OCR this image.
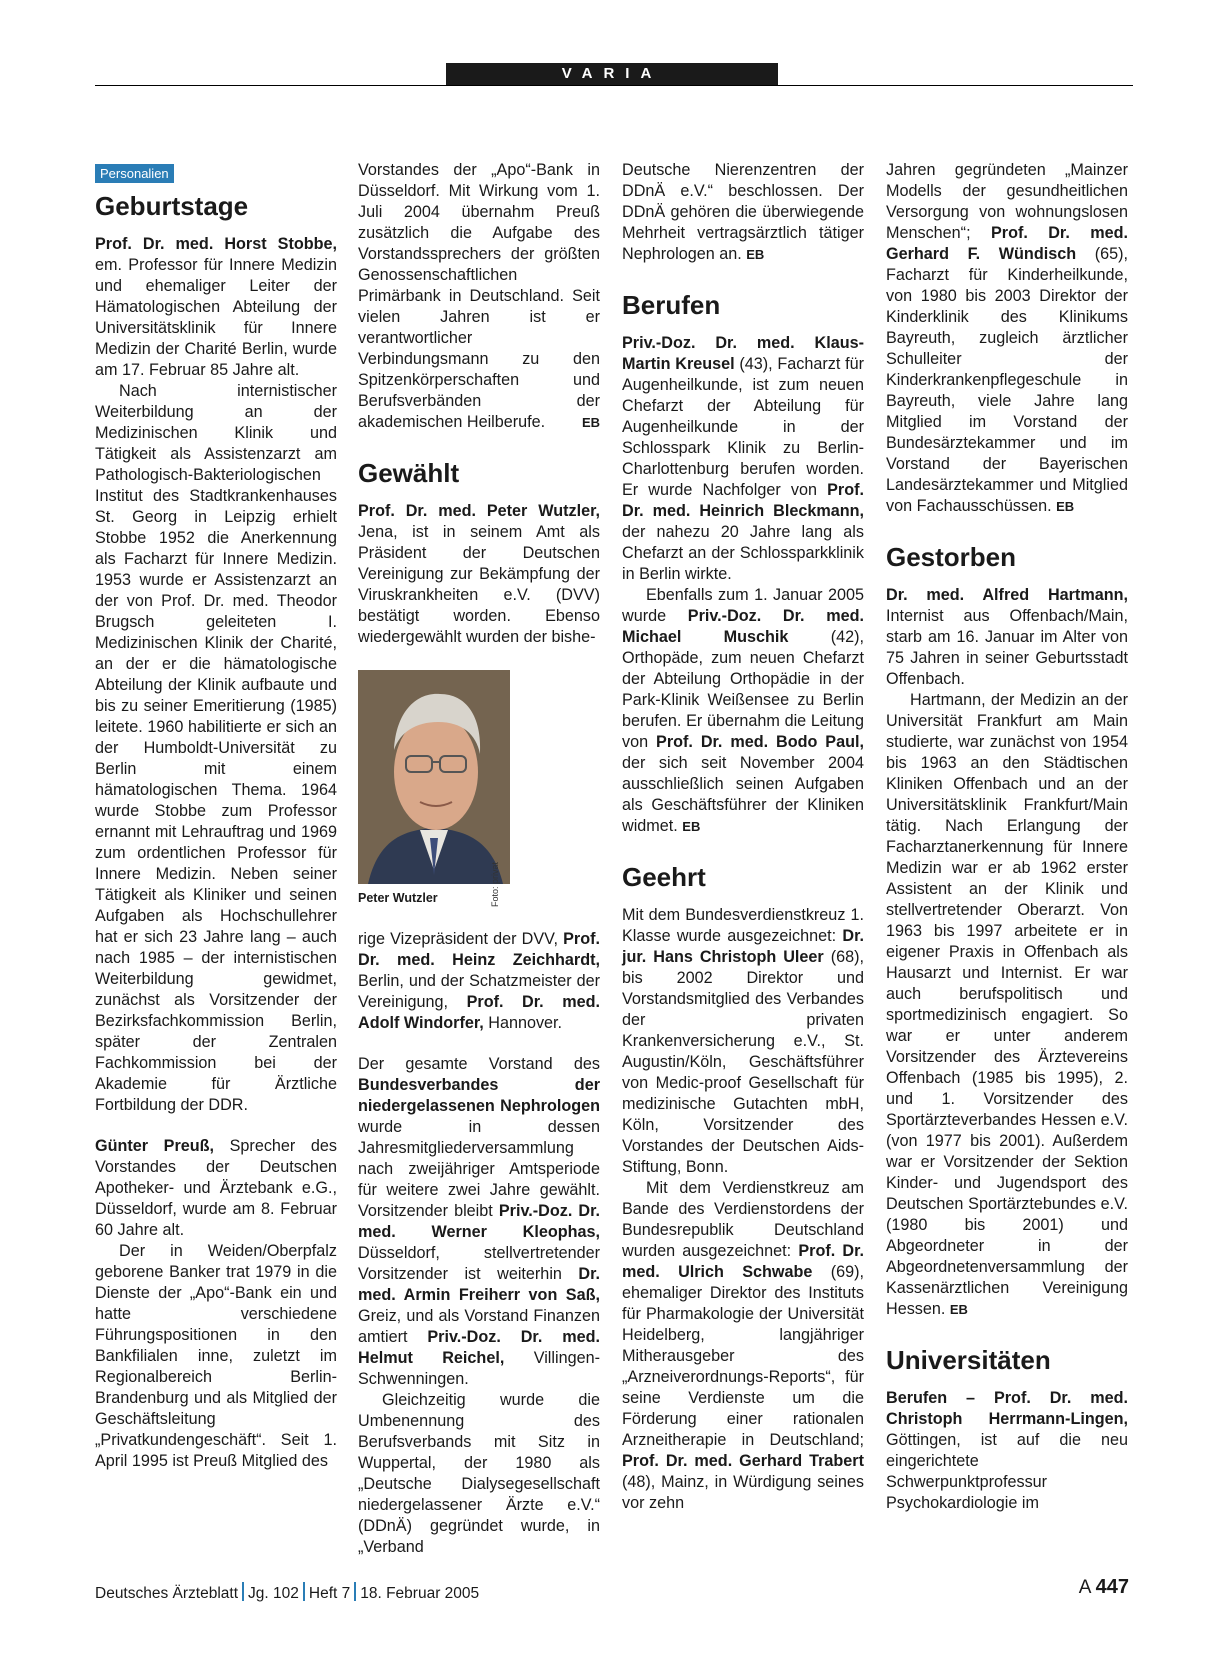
VARIA
Personalien
Geburtstage

Prof. Dr. med. Horst Stobbe, em. Professor für Innere Medizin und ehemaliger Leiter der Hämatologischen Abteilung der Universitätsklinik für Innere Medizin der Charité Berlin, wurde am 17. Februar 85 Jahre alt.

Nach internistischer Weiterbildung an der Medizinischen Klinik und Tätigkeit als Assistenzarzt am Pathologisch-Bakteriologischen Institut des Stadtkrankenhauses St. Georg in Leipzig erhielt Stobbe 1952 die Anerkennung als Facharzt für Innere Medizin. 1953 wurde er Assistenzarzt an der von Prof. Dr. med. Theodor Brugsch geleiteten I. Medizinischen Klinik der Charité, an der er die hämatologische Abteilung der Klinik aufbaute und bis zu seiner Emeritierung (1985) leitete. 1960 habilitierte er sich an der Humboldt-Universität zu Berlin mit einem hämatologischen Thema. 1964 wurde Stobbe zum Professor ernannt mit Lehrauftrag und 1969 zum ordentlichen Professor für Innere Medizin. Neben seiner Tätigkeit als Kliniker und seinen Aufgaben als Hochschullehrer hat er sich 23 Jahre lang – auch nach 1985 – der internistischen Weiterbildung gewidmet, zunächst als Vorsitzender der Bezirksfachkommission Berlin, später der Zentralen Fachkommission bei der Akademie für Ärztliche Fortbildung der DDR.

Günter Preuß, Sprecher des Vorstandes der Deutschen Apotheker- und Ärztebank e.G., Düsseldorf, wurde am 8. Februar 60 Jahre alt.

Der in Weiden/Oberpfalz geborene Banker trat 1979 in die Dienste der „Apo“-Bank ein und hatte verschiedene Führungspositionen in den Bankfilialen inne, zuletzt im Regionalbereich Berlin-Brandenburg und als Mitglied der Geschäftsleitung „Privatkundengeschäft“. Seit 1. April 1995 ist Preuß Mitglied des

Vorstandes der „Apo“-Bank in Düsseldorf. Mit Wirkung vom 1. Juli 2004 übernahm Preuß zusätzlich die Aufgabe des Vorstandssprechers der größten Genossenschaftlichen Primärbank in Deutschland. Seit vielen Jahren ist er verantwortlicher Verbindungsmann zu den Spitzenkörperschaften und Berufsverbänden der akademischen Heilberufe.	EB

Gewählt

Prof. Dr. med. Peter Wutzler, Jena, ist in seinem Amt als Präsident der Deutschen Vereinigung zur Bekämpfung der Viruskrankheiten e.V. (DVV) bestätigt worden. Ebenso wiedergewählt wurden der bishe-

Foto: privat
Peter Wutzler

rige Vizepräsident der DVV, Prof. Dr. med. Heinz Zeichhardt, Berlin, und der Schatzmeister der Vereinigung, Prof. Dr. med. Adolf Windorfer, Hannover.

Der gesamte Vorstand des Bundesverbandes der niedergelassenen Nephrologen wurde in dessen Jahresmitgliederversammlung nach zweijähriger Amtsperiode für weitere zwei Jahre gewählt. Vorsitzender bleibt Priv.-Doz. Dr. med. Werner Kleophas, Düsseldorf, stellvertretender Vorsitzender ist weiterhin Dr. med. Armin Freiherr von Saß, Greiz, und als Vorstand Finanzen amtiert Priv.-Doz. Dr. med. Helmut Reichel, Villingen-Schwenningen.

Gleichzeitig wurde die Umbenennung des Berufsverbands mit Sitz in Wuppertal, der 1980 als „Deutsche Dialysegesellschaft niedergelassener Ärzte e.V.“ (DDnÄ) gegründet wurde, in „Verband

Deutsche Nierenzentren der DDnÄ e.V.“ beschlossen. Der DDnÄ gehören die überwiegende Mehrheit vertragsärztlich tätiger Nephrologen an. EB

Berufen

Priv.-Doz. Dr. med. Klaus-Martin Kreusel (43), Facharzt für Augenheilkunde, ist zum neuen Chefarzt der Abteilung für Augenheilkunde in der Schlosspark Klinik zu Berlin-Charlottenburg berufen worden. Er wurde Nachfolger von Prof. Dr. med. Heinrich Bleckmann, der nahezu 20 Jahre lang als Chefarzt an der Schlossparkklinik in Berlin wirkte.

Ebenfalls zum 1. Januar 2005 wurde Priv.-Doz. Dr. med. Michael Muschik (42), Orthopäde, zum neuen Chefarzt der Abteilung Orthopädie in der Park-Klinik Weißensee zu Berlin berufen. Er übernahm die Leitung von Prof. Dr. med. Bodo Paul, der sich seit November 2004 ausschließlich seinen Aufgaben als Geschäftsführer der Kliniken widmet. EB

Geehrt

Mit dem Bundesverdienstkreuz 1. Klasse wurde ausgezeichnet: Dr. jur. Hans Christoph Uleer (68), bis 2002 Direktor und Vorstandsmitglied des Verbandes der privaten Krankenversicherung e.V., St. Augustin/Köln, Geschäftsführer von Medic-proof Gesellschaft für medizinische Gutachten mbH, Köln, Vorsitzender des Vorstandes der Deutschen Aids-Stiftung, Bonn.

Mit dem Verdienstkreuz am Bande des Verdienstordens der Bundesrepublik Deutschland wurden ausgezeichnet: Prof. Dr. med. Ulrich Schwabe (69), ehemaliger Direktor des Instituts für Pharmakologie der Universität Heidelberg, langjähriger Mitherausgeber des „Arzneiverordnungs-Reports“, für seine Verdienste um die Förderung einer rationalen Arzneitherapie in Deutschland; Prof. Dr. med. Gerhard Trabert (48), Mainz, in Würdigung seines vor zehn

Jahren gegründeten „Mainzer Modells der gesundheitlichen Versorgung von wohnungslosen Menschen“; Prof. Dr. med. Gerhard F. Wündisch (65), Facharzt für Kinderheilkunde, von 1980 bis 2003 Direktor der Kinderklinik des Klinikums Bayreuth, zugleich ärztlicher Schulleiter der Kinderkrankenpflegeschule in Bayreuth, viele Jahre lang Mitglied im Vorstand der Bundesärztekammer und im Vorstand der Bayerischen Landesärztekammer und Mitglied von Fachausschüssen. EB

Gestorben

Dr. med. Alfred Hartmann, Internist aus Offenbach/Main, starb am 16. Januar im Alter von 75 Jahren in seiner Geburtsstadt Offenbach.

Hartmann, der Medizin an der Universität Frankfurt am Main studierte, war zunächst von 1954 bis 1963 an den Städtischen Kliniken Offenbach und an der Universitätsklinik Frankfurt/Main tätig. Nach Erlangung der Facharztanerkennung für Innere Medizin war er ab 1962 erster Assistent an der Klinik und stellvertretender Oberarzt. Von 1963 bis 1997 arbeitete er in eigener Praxis in Offenbach als Hausarzt und Internist. Er war auch berufspolitisch und sportmedizinisch engagiert. So war er unter anderem Vorsitzender des Ärztevereins Offenbach (1985 bis 1995), 2. und 1. Vorsitzender des Sportärzteverbandes Hessen e.V. (von 1977 bis 2001). Außerdem war er Vorsitzender der Sektion Kinder- und Jugendsport des Deutschen Sportärztebundes e.V. (1980 bis 2001) und Abgeordneter in der Abgeordnetenversammlung der Kassenärztlichen Vereinigung Hessen. EB

Universitäten

Berufen – Prof. Dr. med. Christoph Herrmann-Lingen, Göttingen, ist auf die neu eingerichtete Schwerpunktprofessur Psychokardiologie im

Deutsches Ärzteblatt Jg. 102 Heft 7 18. Februar 2005	A 447
